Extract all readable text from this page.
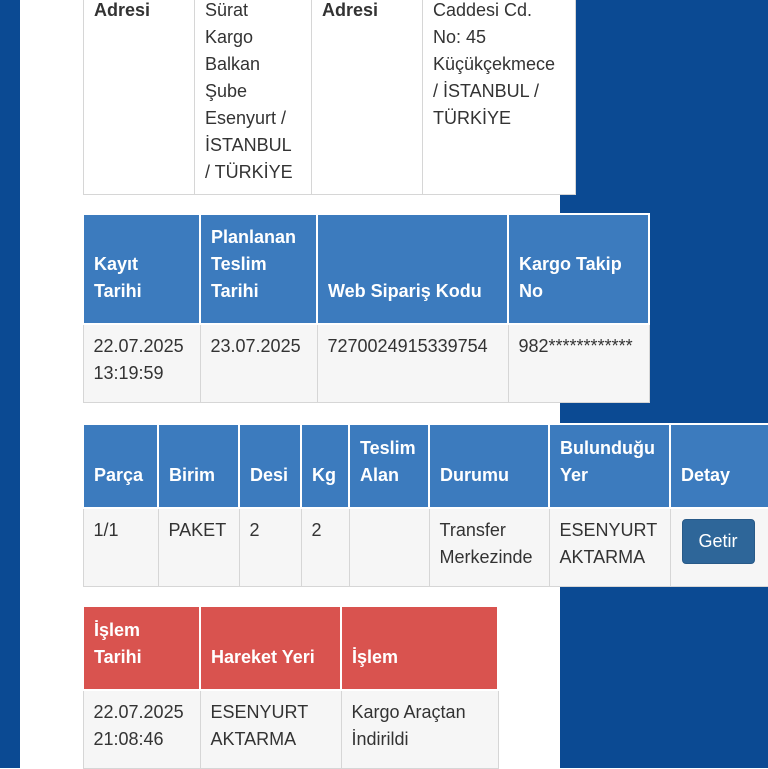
Adresi	Sürat Kargo Balkan Şube Esenyurt / İSTANBUL / TÜRKİYE	Adresi	Caddesi Cd. No: 45 Küçükçekmece / İSTANBUL / TÜRKİYE
Kayıt Tarihi	Planlanan Teslim Tarihi	Web Sipariş Kodu	Kargo Takip No
22.07.2025 13:19:59	23.07.2025	7270024915339754	982************
Parça	Birim	Desi	Kg	Teslim Alan	Durumu	Bulunduğu Yer	Detay
1/1	PAKET	2	2		Transfer Merkezinde	ESENYURT AKTARMA	Getir
İşlem Tarihi	Hareket Yeri	İşlem
22.07.2025 21:08:46	ESENYURT AKTARMA	Kargo Araçtan İndirildi
